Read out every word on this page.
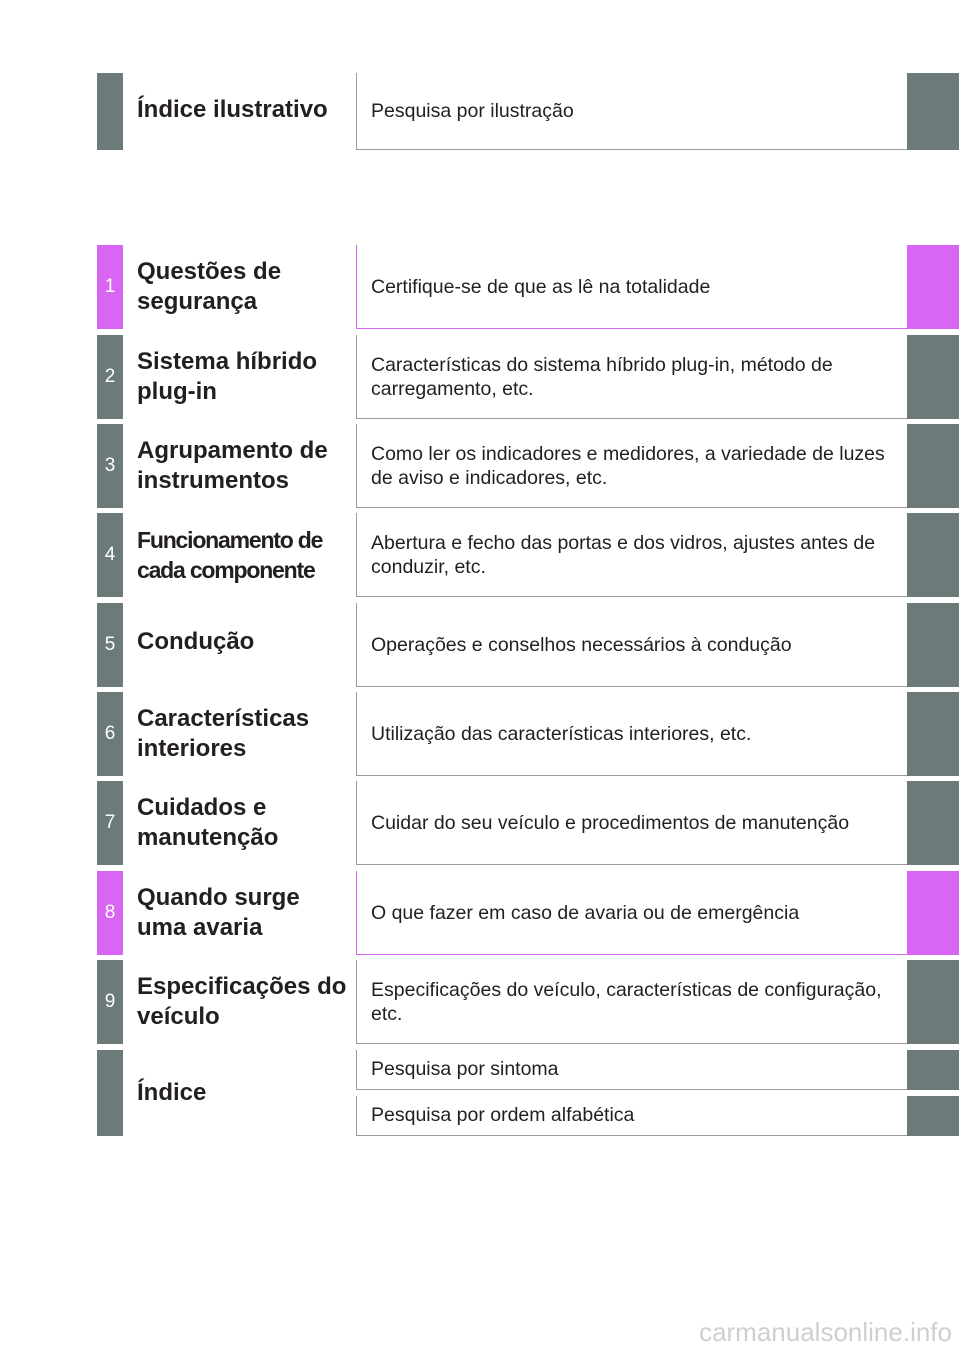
Índice ilustrativo	Pesquisa por ilustração
1
Questões de segurança
Certifique-se de que as lê na totalidade
2
Sistema híbrido plug-in
Características do sistema híbrido plug-in, método de carregamento, etc.
3
Agrupamento de instrumentos
Como ler os indicadores e medidores, a variedade de luzes de aviso e indicadores, etc.
4
Funcionamento de cada componente
Abertura e fecho das portas e dos vidros, ajustes antes de conduzir, etc.
5 Condução	Operações e conselhos necessários à condução
6
Características interiores
Utilização das características interiores, etc.
7
Cuidados e manutenção
Cuidar do seu veículo e procedimentos de manutenção
8
Quando surge uma avaria
O que fazer em caso de avaria ou de emergência
9
Especificações do veículo
Especificações do veículo, características de configuração, etc.
Índice
Pesquisa por sintoma
Pesquisa por ordem alfabética
carmanualsonline.info
